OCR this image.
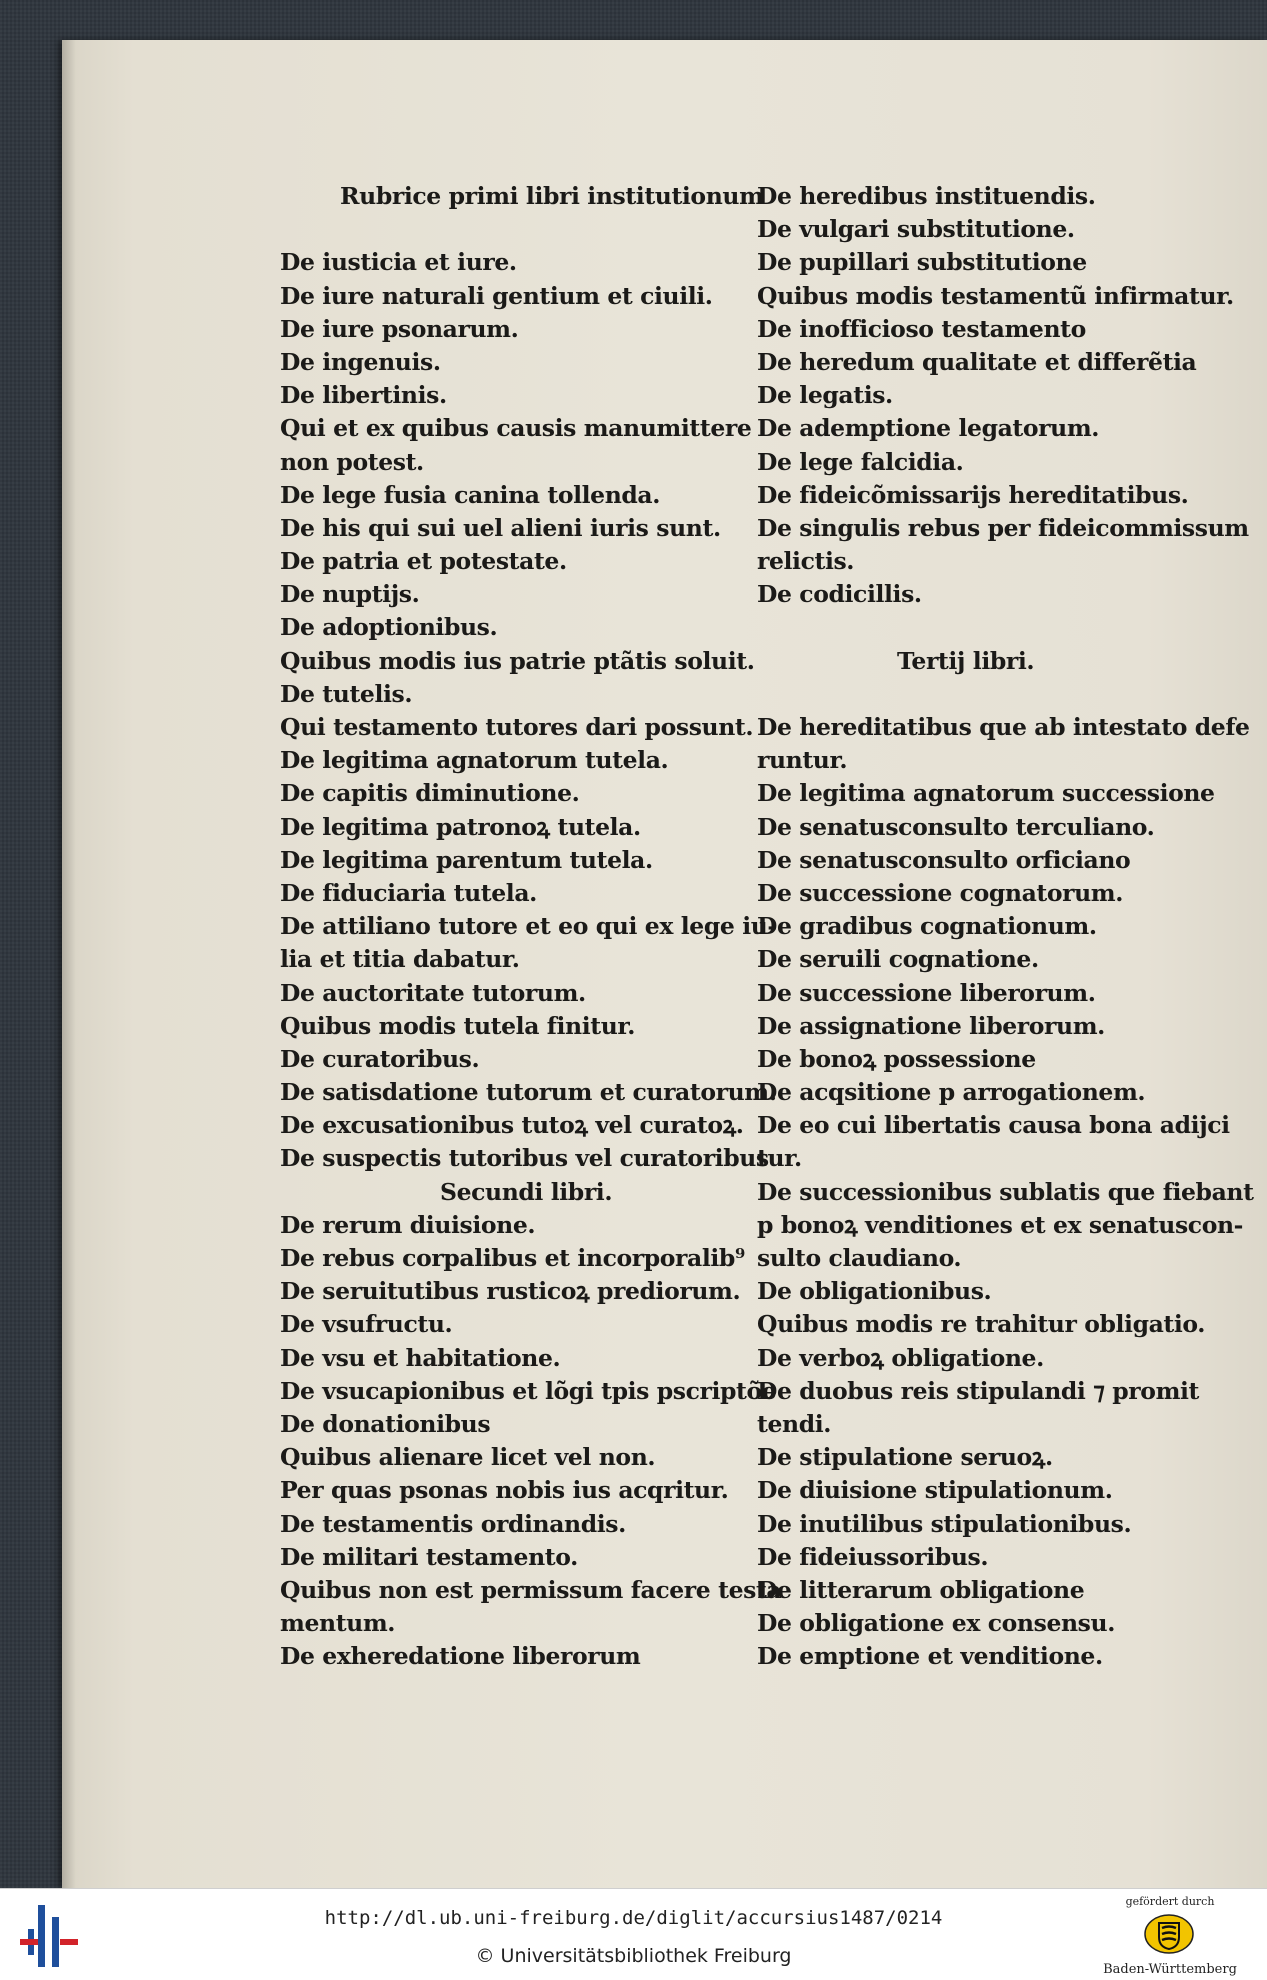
Rubrice primi libri institutionum
De iusticia et iure.
De iure naturali gentium et ciuili.
De iure psonarum.
De ingenuis.
De libertinis.
Qui et ex quibus causis manumittere
non potest.
De lege fusia canina tollenda.
De his qui sui uel alieni iuris sunt.
De patria et potestate.
De nuptijs.
De adoptionibus.
Quibus modis ius patrie ptãtis soluit.
De tutelis.
Qui testamento tutores dari possunt.
De legitima agnatorum tutela.
De capitis diminutione.
De legitima patronoꝝ tutela.
De legitima parentum tutela.
De fiduciaria tutela.
De attiliano tutore et eo qui ex lege iu-
lia et titia dabatur.
De auctoritate tutorum.
Quibus modis tutela finitur.
De curatoribus.
De satisdatione tutorum et curatorum.
De excusationibus tutoꝝ vel curatoꝝ.
De suspectis tutoribus vel curatoribus
Secundi libri.
De rerum diuisione.
De rebus corpalibus et incorporalib⁹
De seruitutibus rusticoꝝ prediorum.
De vsufructu.
De vsu et habitatione.
De vsucapionibus et lõgi tpis pscriptõe
De donationibus
Quibus alienare licet vel non.
Per quas psonas nobis ius acqritur.
De testamentis ordinandis.
De militari testamento.
Quibus non est permissum facere testa
mentum.
De exheredatione liberorum
De heredibus instituendis.
De vulgari substitutione.
De pupillari substitutione
Quibus modis testamentũ infirmatur.
De inofficioso testamento
De heredum qualitate et differẽtia
De legatis.
De ademptione legatorum.
De lege falcidia.
De fideicõmissarijs hereditatibus.
De singulis rebus per fideicommissum
relictis.
De codicillis.
Tertij libri.
De hereditatibus que ab intestato defe
runtur.
De legitima agnatorum successione
De senatusconsulto terculiano.
De senatusconsulto orficiano
De successione cognatorum.
De gradibus cognationum.
De seruili cognatione.
De successione liberorum.
De assignatione liberorum.
De bonoꝝ possessione
De acqsitione p arrogationem.
De eo cui libertatis causa bona adijci
tur.
De successionibus sublatis que fiebant
p bonoꝝ venditiones et ex senatuscon-
sulto claudiano.
De obligationibus.
Quibus modis re trahitur obligatio.
De verboꝝ obligatione.
De duobus reis stipulandi ⁊ promit
tendi.
De stipulatione seruoꝝ.
De diuisione stipulationum.
De inutilibus stipulationibus.
De fideiussoribus.
De litterarum obligatione
De obligatione ex consensu.
De emptione et venditione.
http://dl.ub.uni-freiburg.de/diglit/accursius1487/0214
© Universitätsbibliothek Freiburg
gefördert durch
Baden-Württemberg
